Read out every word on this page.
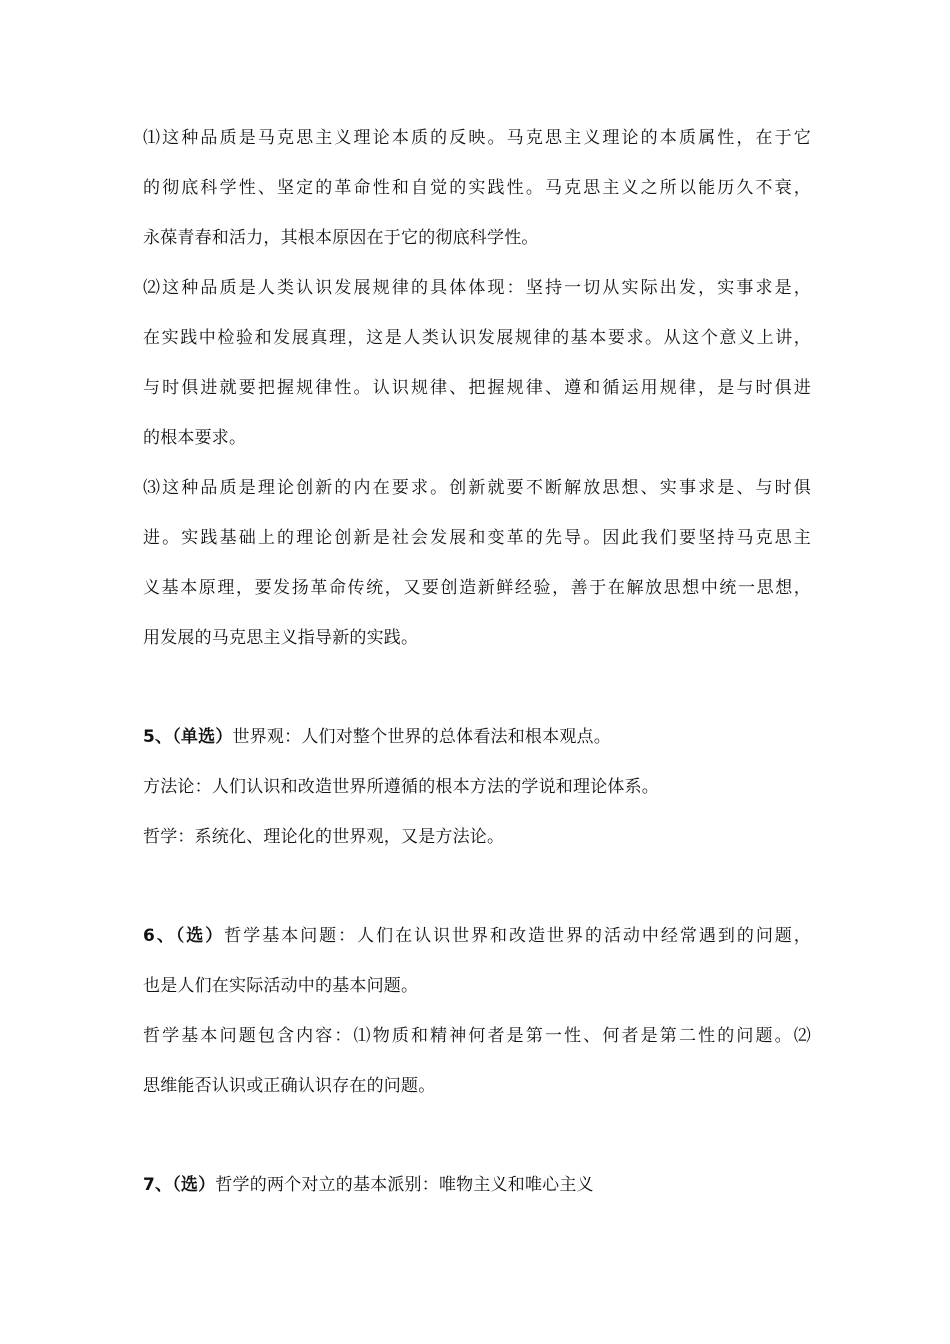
⑴这种品质是马克思主义理论本质的反映。马克思主义理论的本质属性，在于它
的彻底科学性、坚定的革命性和自觉的实践性。马克思主义之所以能历久不衰，
永葆青春和活力，其根本原因在于它的彻底科学性。
⑵这种品质是人类认识发展规律的具体体现：坚持一切从实际出发，实事求是，
在实践中检验和发展真理，这是人类认识发展规律的基本要求。从这个意义上讲，
与时俱进就要把握规律性。认识规律、把握规律、遵和循运用规律，是与时俱进
的根本要求。
⑶这种品质是理论创新的内在要求。创新就要不断解放思想、实事求是、与时俱
进。实践基础上的理论创新是社会发展和变革的先导。因此我们要坚持马克思主
义基本原理，要发扬革命传统，又要创造新鲜经验，善于在解放思想中统一思想，
用发展的马克思主义指导新的实践。
5、（单选）世界观：人们对整个世界的总体看法和根本观点。
方法论：人们认识和改造世界所遵循的根本方法的学说和理论体系。
哲学：系统化、理论化的世界观，又是方法论。
6、（选）哲学基本问题：人们在认识世界和改造世界的活动中经常遇到的问题，
也是人们在实际活动中的基本问题。
哲学基本问题包含内容：⑴物质和精神何者是第一性、何者是第二性的问题。⑵
思维能否认识或正确认识存在的问题。
7、（选）哲学的两个对立的基本派别：唯物主义和唯心主义
